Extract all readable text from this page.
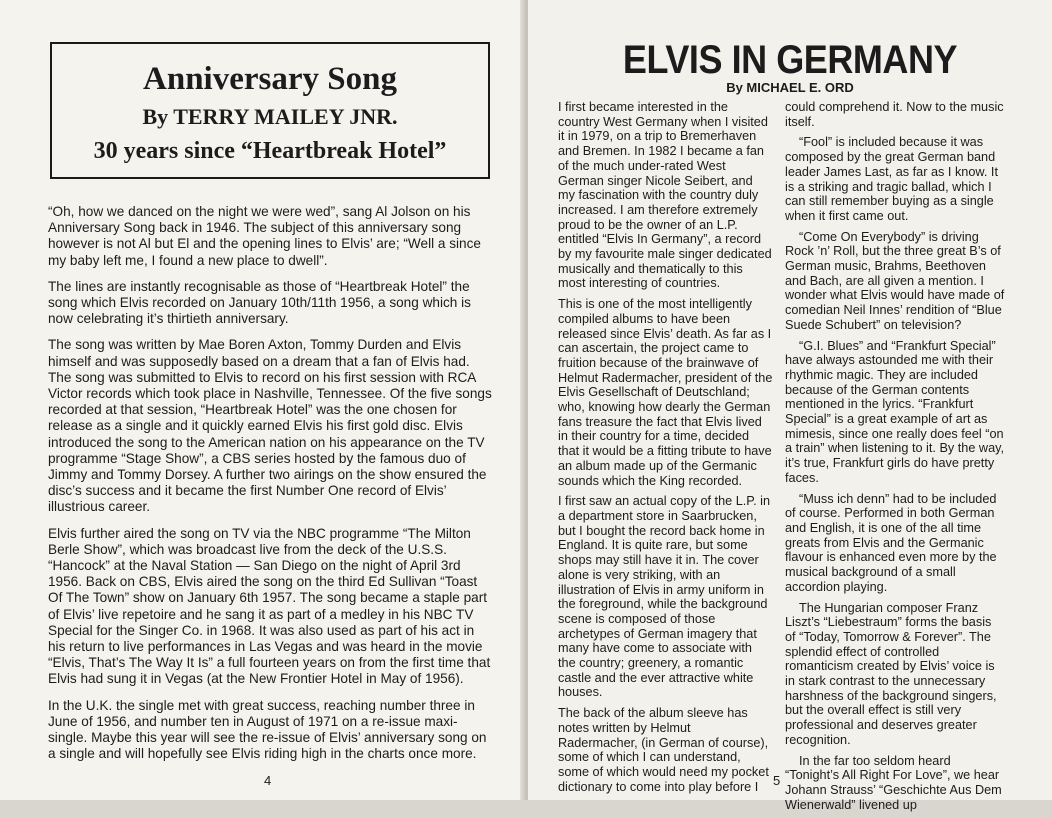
Anniversary Song
By TERRY MAILEY JNR.
30 years since “Heartbreak Hotel”

“Oh, how we danced on the night we were wed”, sang Al Jolson on his Anniversary Song back in 1946. The subject of this anniversary song however is not Al but El and the opening lines to Elvis’ are; “Well a since my baby left me, I found a new place to dwell”.

The lines are instantly recognisable as those of “Heartbreak Hotel” the song which Elvis recorded on January 10th/11th 1956, a song which is now celebrating it’s thirtieth anniversary.

The song was written by Mae Boren Axton, Tommy Durden and Elvis himself and was supposedly based on a dream that a fan of Elvis had. The song was submitted to Elvis to record on his first session with RCA Victor records which took place in Nashville, Tennessee. Of the five songs recorded at that session, “Heartbreak Hotel” was the one chosen for release as a single and it quickly earned Elvis his first gold disc. Elvis introduced the song to the American nation on his appearance on the TV programme “Stage Show”, a CBS series hosted by the famous duo of Jimmy and Tommy Dorsey. A further two airings on the show ensured the disc’s success and it became the first Number One record of Elvis’ illustrious career.

Elvis further aired the song on TV via the NBC programme “The Milton Berle Show”, which was broadcast live from the deck of the U.S.S. “Hancock” at the Naval Station — San Diego on the night of April 3rd 1956. Back on CBS, Elvis aired the song on the third Ed Sullivan “Toast Of The Town” show on January 6th 1957. The song became a staple part of Elvis’ live repetoire and he sang it as part of a medley in his NBC TV Special for the Singer Co. in 1968. It was also used as part of his act in his return to live performances in Las Vegas and was heard in the movie “Elvis, That’s The Way It Is” a full fourteen years on from the first time that Elvis had sung it in Vegas (at the New Frontier Hotel in May of 1956).

In the U.K. the single met with great success, reaching number three in June of 1956, and number ten in August of 1971 on a re-issue maxi-single. Maybe this year will see the re-issue of Elvis’ anniversary song on a single and will hopefully see Elvis riding high in the charts once more.

4
ELVIS IN GERMANY
By MICHAEL E. ORD

I first became interested in the country West Germany when I visited it in 1979, on a trip to Bremerhaven and Bremen. In 1982 I became a fan of the much under-rated West German singer Nicole Seibert, and my fascination with the country duly increased. I am therefore extremely proud to be the owner of an L.P. entitled “Elvis In Germany”, a record by my favourite male singer dedicated musically and thematically to this most interesting of countries.

This is one of the most intelligently compiled albums to have been released since Elvis’ death. As far as I can ascertain, the project came to fruition because of the brainwave of Helmut Radermacher, president of the Elvis Gesellschaft of Deutschland; who, knowing how dearly the German fans treasure the fact that Elvis lived in their country for a time, decided that it would be a fitting tribute to have an album made up of the Germanic sounds which the King recorded.

I first saw an actual copy of the L.P. in a department store in Saarbrucken, but I bought the record back home in England. It is quite rare, but some shops may still have it in. The cover alone is very striking, with an illustration of Elvis in army uniform in the foreground, while the background scene is composed of those archetypes of German imagery that many have come to associate with the country; greenery, a romantic castle and the ever attractive white houses.

The back of the album sleeve has notes written by Helmut Radermacher, (in German of course), some of which I can understand, some of which would need my pocket dictionary to come into play before I

could comprehend it. Now to the music itself.

“Fool” is included because it was composed by the great German band leader James Last, as far as I know. It is a striking and tragic ballad, which I can still remember buying as a single when it first came out.

“Come On Everybody” is driving Rock ’n’ Roll, but the three great B’s of German music, Brahms, Beethoven and Bach, are all given a mention. I wonder what Elvis would have made of comedian Neil Innes’ rendition of “Blue Suede Schubert” on television?

“G.I. Blues” and “Frankfurt Special” have always astounded me with their rhythmic magic. They are included because of the German contents mentioned in the lyrics. “Frankfurt Special” is a great example of art as mimesis, since one really does feel “on a train” when listening to it. By the way, it’s true, Frankfurt girls do have pretty faces.

“Muss ich denn” had to be included of course. Performed in both German and English, it is one of the all time greats from Elvis and the Germanic flavour is enhanced even more by the musical background of a small accordion playing.

The Hungarian composer Franz Liszt’s “Liebestraum” forms the basis of “Today, Tomorrow & Forever”. The splendid effect of controlled romanticism created by Elvis’ voice is in stark contrast to the unnecessary harshness of the background singers, but the overall effect is still very professional and deserves greater recognition.

In the far too seldom heard “Tonight’s All Right For Love”, we hear Johann Strauss’ “Geschichte Aus Dem Wienerwald” livened up

5
